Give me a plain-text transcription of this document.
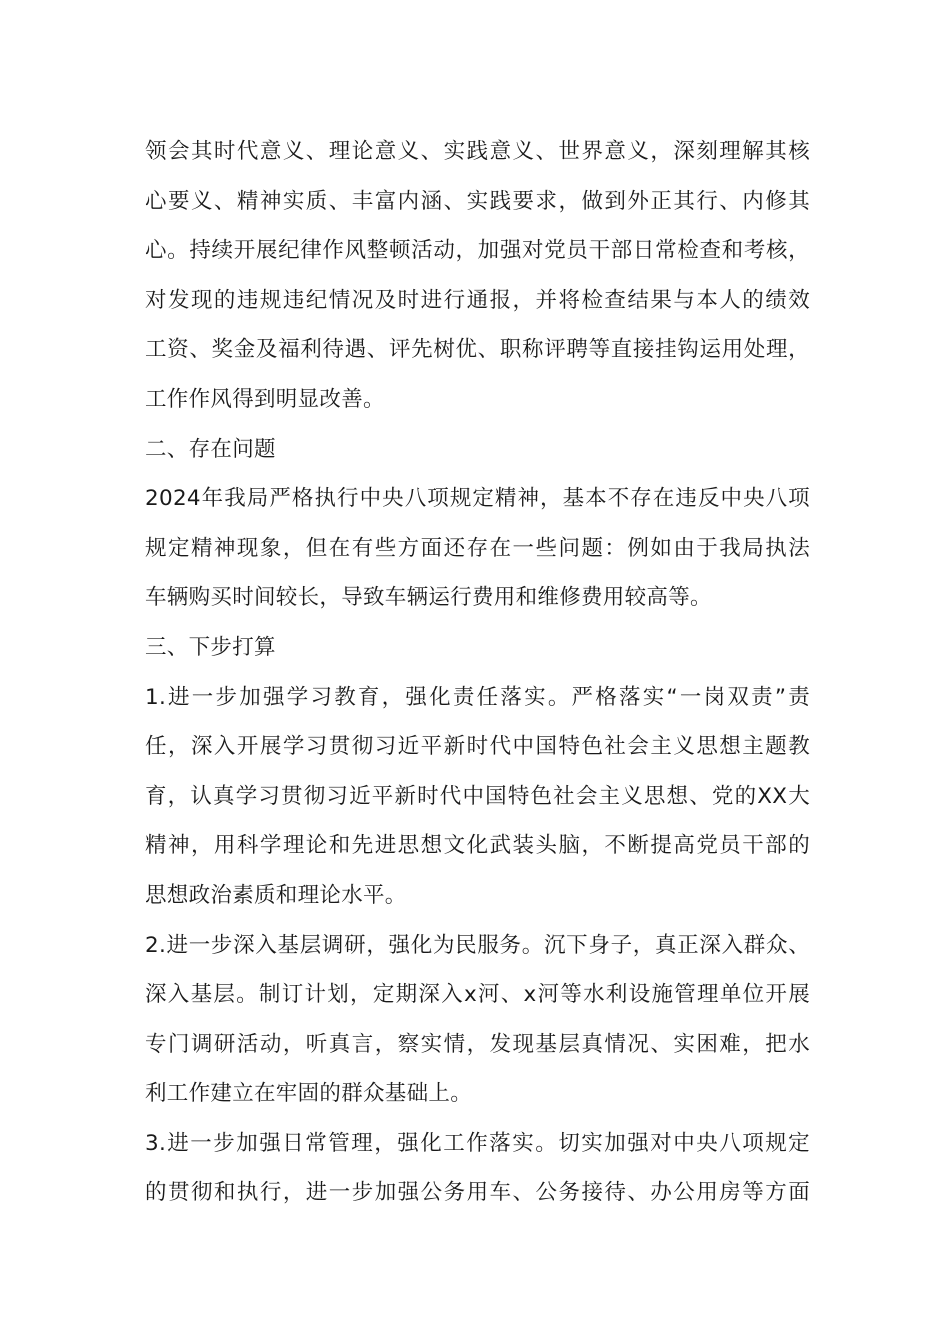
领会其时代意义、理论意义、实践意义、世界意义，深刻理解其核
心要义、精神实质、丰富内涵、实践要求，做到外正其行、内修其
心。持续开展纪律作风整顿活动，加强对党员干部日常检查和考核，
对发现的违规违纪情况及时进行通报，并将检查结果与本人的绩效
工资、奖金及福利待遇、评先树优、职称评聘等直接挂钩运用处理，
工作作风得到明显改善。
二、存在问题
2024年我局严格执行中央八项规定精神，基本不存在违反中央八项
规定精神现象，但在有些方面还存在一些问题：例如由于我局执法
车辆购买时间较长，导致车辆运行费用和维修费用较高等。
三、下步打算
1.进一步加强学习教育，强化责任落实。严格落实“一岗双责”责
任，深入开展学习贯彻习近平新时代中国特色社会主义思想主题教
育，认真学习贯彻习近平新时代中国特色社会主义思想、党的XX大
精神，用科学理论和先进思想文化武装头脑，不断提高党员干部的
思想政治素质和理论水平。
2.进一步深入基层调研，强化为民服务。沉下身子，真正深入群众、
深入基层。制订计划，定期深入x河、x河等水利设施管理单位开展
专门调研活动，听真言，察实情，发现基层真情况、实困难，把水
利工作建立在牢固的群众基础上。
3.进一步加强日常管理，强化工作落实。切实加强对中央八项规定
的贯彻和执行，进一步加强公务用车、公务接待、办公用房等方面
